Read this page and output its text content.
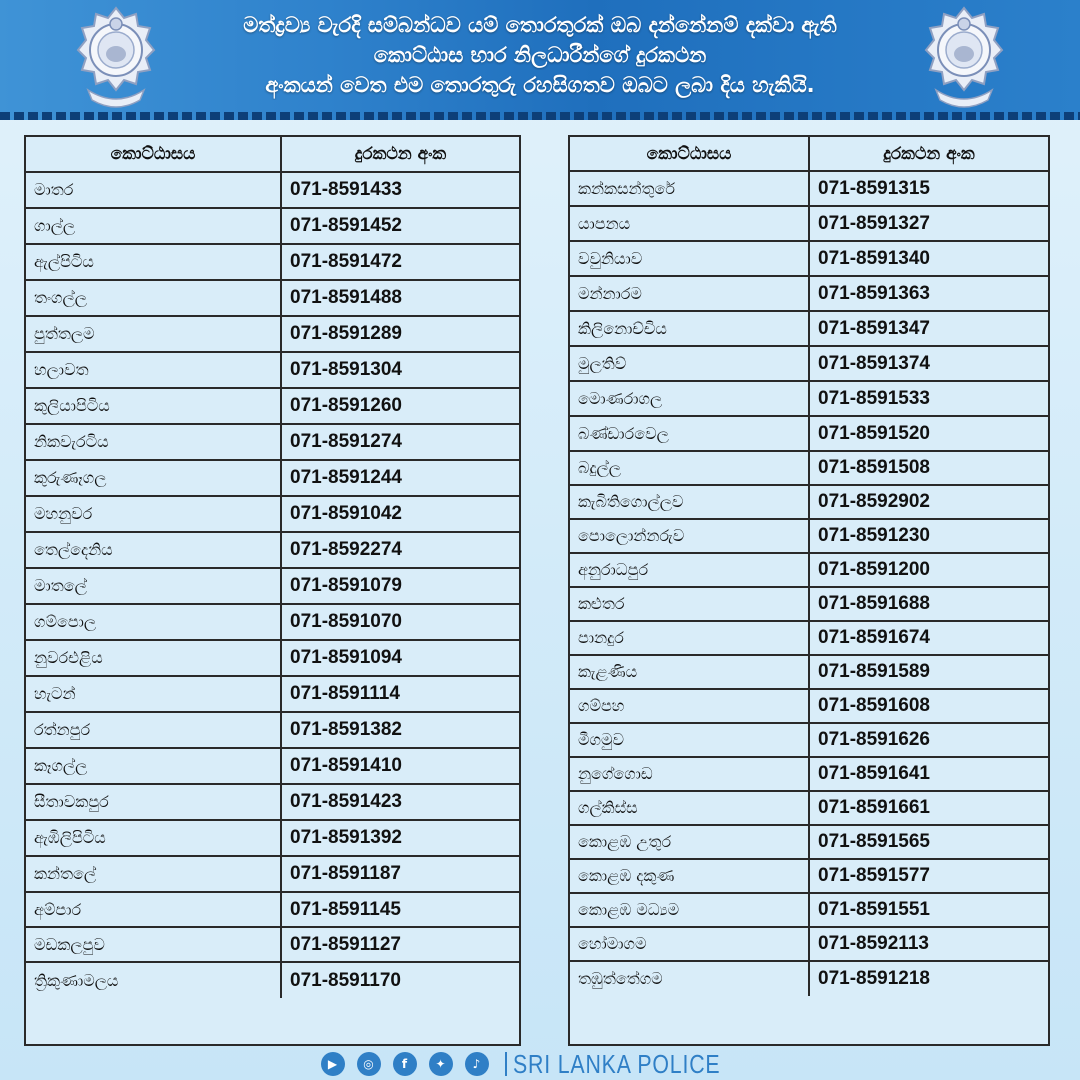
මත්ද්‍රව්‍ය වැරදි සම්බන්ධව යම් තොරතුරක් ඔබ දන්නේනම් දක්වා ඇති
කොට්ඨාස භාර නිලධාරීන්ගේ දුරකථන
අංකයන් වෙත එම තොරතුරු රහසිගතව ඔබට ලබා දිය හැකියි.
කොට්ඨාසය	දුරකථන අංක
මාතර	071-8591433
ගාල්ල	071-8591452
ඇල්පිටිය	071-8591472
තංගල්ල	071-8591488
පුත්තලම	071-8591289
හලාවත	071-8591304
කුලියාපිටිය	071-8591260
නිකවැරටිය	071-8591274
කුරුණෑගල	071-8591244
මහනුවර	071-8591042
තෙල්දෙනිය	071-8592274
මාතලේ	071-8591079
ගම්පොල	071-8591070
නුවරඑළිය	071-8591094
හැටන්	071-8591114
රත්නපුර	071-8591382
කෑගල්ල	071-8591410
සීතාවකපුර	071-8591423
ඇඹිලිපිටිය	071-8591392
කන්තලේ	071-8591187
අම්පාර	071-8591145
මඩකලපුව	071-8591127
ත්‍රිකුණාමලය	071-8591170
කොට්ඨාසය	දුරකථන අංක
කන්කසන්තුරේ	071-8591315
යාපනය	071-8591327
වවුනියාව	071-8591340
මන්නාරම	071-8591363
කිලිනොච්චිය	071-8591347
මුලතිව්	071-8591374
මොණරාගල	071-8591533
බණ්ඩාරවෙල	071-8591520
බදුල්ල	071-8591508
කැබිතිගොල්ලව	071-8592902
පොලොන්නරුව	071-8591230
අනුරාධපුර	071-8591200
කළුතර	071-8591688
පානදුර	071-8591674
කැළණිය	071-8591589
ගම්පහ	071-8591608
මීගමුව	071-8591626
නුගේගොඩ	071-8591641
ගල්කිස්ස	071-8591661
කොළඹ උතුර	071-8591565
කොළඹ දකුණ	071-8591577
කොළඹ මධ්‍යම	071-8591551
හෝමාගම	071-8592113
තඹුත්තේගම	071-8591218
▶	◎	f	✦	♪	SRI LANKA POLICE
